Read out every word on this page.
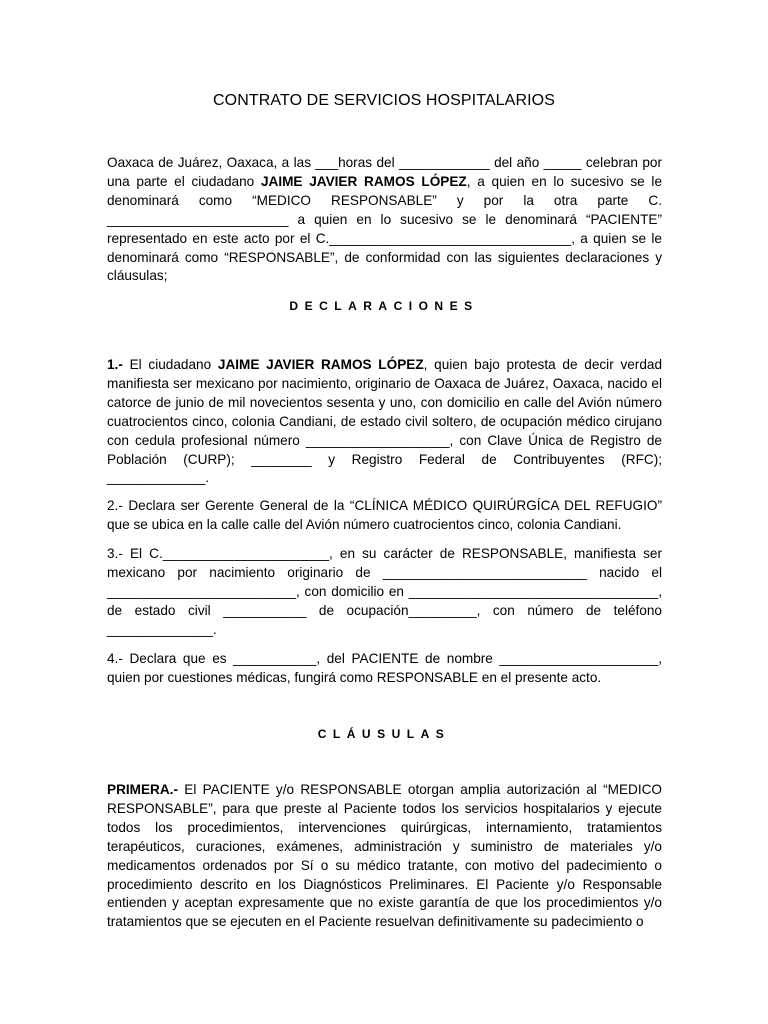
CONTRATO DE SERVICIOS HOSPITALARIOS
Oaxaca de Juárez, Oaxaca, a las ___horas del ____________ del año _____ celebran por una parte el ciudadano JAIME JAVIER RAMOS LÓPEZ, a quien en lo sucesivo se le denominará como “MEDICO RESPONSABLE” y por la otra parte C. ________________________ a quien en lo sucesivo se le denominará “PACIENTE” representado en este acto por el C.________________________________, a quien se le denominará como “RESPONSABLE”, de conformidad con las siguientes declaraciones y cláusulas;
DECLARACIONES
1.- El ciudadano JAIME JAVIER RAMOS LÓPEZ, quien bajo protesta de decir verdad manifiesta ser mexicano por nacimiento, originario de Oaxaca de Juárez, Oaxaca, nacido el catorce de junio de mil novecientos sesenta y uno, con domicilio en calle del Avión número cuatrocientos cinco, colonia Candiani, de estado civil soltero, de ocupación médico cirujano con cedula profesional número ___________________, con Clave Única de Registro de Población (CURP); ________ y Registro Federal de Contribuyentes (RFC); _____________.
2.- Declara ser Gerente General de la “CLÍNICA MÉDICO QUIRÚRGÍCA DEL REFUGIO” que se ubica en la calle calle del Avión número cuatrocientos cinco, colonia Candiani.
3.- El C.______________________, en su carácter de RESPONSABLE, manifiesta ser mexicano por nacimiento originario de ___________________________ nacido el _________________________, con domicilio en _________________________________, de estado civil ___________ de ocupación_________, con número de teléfono ______________.
4.- Declara que es ___________, del PACIENTE de nombre _____________________, quien por cuestiones médicas, fungirá como RESPONSABLE en el presente acto.
CLÁUSULAS
PRIMERA.- El PACIENTE y/o RESPONSABLE otorgan amplia autorización al “MEDICO RESPONSABLE”, para que preste al Paciente todos los servicios hospitalarios y ejecute todos los procedimientos, intervenciones quirúrgicas, internamiento, tratamientos terapéuticos, curaciones, exámenes, administración y suministro de materiales y/o medicamentos ordenados por Sí o su médico tratante, con motivo del padecimiento o procedimiento descrito en los Diagnósticos Preliminares. El Paciente y/o Responsable entienden y aceptan expresamente que no existe garantía de que los procedimientos y/o tratamientos que se ejecuten en el Paciente resuelvan definitivamente su padecimiento o
